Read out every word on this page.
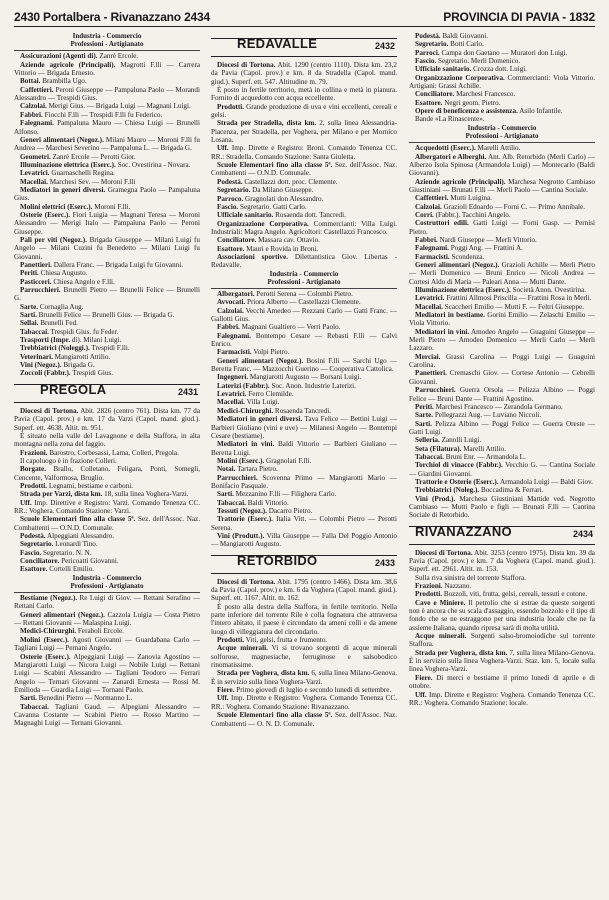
2430 Portalbera - Rivanazzano 2434	PROVINCIA DI PAVIA - 1832

Industria - Commercio

Professioni - Artigianato

Assicurazioni (Agenti di). Zanrè Ercole.

Aziende agricole (Principali). Magrotti F.lli — Carrera Vittorio — Brigada Ernesto.

Bottai. Brambilla Ugo.

Caffettieri. Peroni Giuseppe — Pampaluna Paolo — Morandi Alessandro — Trespidi Gius.

Calzolai. Merigi Gius. — Brigada Luigi — Magnani Luigi.

Fabbri. Fiocchi F.lli — Trespidi F.lli fu Federico.

Falegnami. Pampaluna Mauro — Chiesa Luigi — Brunelli Alfonso.

Generi alimentari (Negoz.). Milani Mauro — Moroni F.lli fu Andrea — Marchesi Severino — Pampaluna L. — Brigada G.

Geometri. Zanrè Ercole — Perotti Gior.

Illuminazione elettrica (Eserc.). Soc. Ovestirina - Novara.

Levatrici. Guarnaschelli Regina.

Macellai. Marchesi Sev. — Moroni F.lli

Mediatori in generi diversi. Gramegna Paolo — Pampaluna Gius.

Molini elettrici (Eserc.). Moroni F.lli.

Osterie (Eserc.). Fiori Luigia — Magnani Teresa — Moroni Alessandro — Merigi Italo — Pampaluna Paolo — Peroni Giuseppe.

Pali per viti (Negoz.). Brigada Giuseppe — Milani Luigi fu Angelo — Milani Cuzini fu Benedetto — Milani Luigi fu Giovanni.

Panettieri. Dallera Franc. — Brigada Luigi fu Giovanni.

Periti. Chiesa Augusto.

Pasticceri. Chiesa Angelo e F.lli.

Parrucchieri. Brunelli Pietro — Brunelli Felice — Brunelli G.

Sarte. Cornaglia Aug.

Sarti. Brunelli Felice — Brunelli Gius. — Brigada G.

Sellai. Brunelli Fed.

Tabaccai. Trespidi Gius. fu Feder.

Trasporti (Impr. di). Milani Luigi.

Trebbiatrici (Noleggi.). Trespidi F.lli.

Veterinari. Mangiarotti Attilio.

Vini (Negoz.). Brigada G.

Zoccoli (Fabbr.). Trespidi Gius.

PREGOLA	2431

Diocesi di Tortona. Abit. 2826 (centro 761). Dista km. 77 da Pavia (Capol. prov.) e km. 17 da Varzi (Capol. mand. giud.). Superf. ett. 4638. Altit. m. 951.

È situato nella valle del Lavagnone e della Staffora, in alta montagna nella zona del faggio.

Frazioni. Barostro, Corbesassi, Lama, Colleri, Pregola.

Il capoluogo è in frazione Colleri.

Borgate. Brallo, Colletano, Feligara, Ponti, Somegli, Cencente, Valformosa, Bruglio.

Prodotti. Legnami, bestiame e carboni.

Strada per Varzi, dista km. 18, sulla linea Voghera-Varzi.

Uff. Imp. Direttive e Registro: Varzi. Comando Tenenza CC. RR.: Voghera. Comando Stazione: Varzi.

Scuole Elementari fino alla classe 5ª. Sez. dell'Assoc. Naz. Combattenti — O.N.D. Comunale.

Podestà. Alpeggiani Alessandro.

Segretario. Leonardi Tino.

Fascio. Segretario. N. N.

Conciliatore. Pericoatti Giovanni.

Esattore. Cortelli Emilio.

Industria - Commercio

Professioni - Artigianato

Bestiame (Negoz.). Re Luigi di Giov. — Rettani Serafino — Rettani Carlo.

Generi alimentari (Negoz.). Cazzola Luigia — Costa Pietro — Rettani Giovanni — Malaspina Luigi.

Medici-Chirurghi. Feraboli Ercole.

Molini (Eserc.). Agosti Giovanni — Guardabana Carlo — Tagliani Luigi — Pernani Angelo.

Osterie (Eserc.). Alpeggiani Luigi — Zanovia Agostino — Mangiarotti Luigi — Nicora Luigi — Nobile Luigi — Rettani Luigi — Scabini Alessandro — Tagliani Teodoro — Ferrari Angelo — Ternari Giovanni — Zanardi Ernesta — Rossi M. Emilioda — Guardia Luigi — Tornani Paolo.

Sarti. Benedini Pietro — Normanno L.

Tabaccai. Tagliani Gaud. — Alpegiani Alessandro — Cavanna Costante — Scabini Pietro — Rosso Martino — Magnaghi Luigi — Ternani Giovanni.

REDAVALLE	2432

Diocesi di Tortona. Abit. 1290 (centro 1110). Dista km. 23,2 da Pavia (Capol. prov.) e km. 8 da Stradella (Capol. mand. giud.). Superf. ett. 547. Altitudine m. 79.

È posto in fertile territorio, metà in collina e metà in pianura. Fornito di acquedotto con acqua eccellente.

Prodotti. Grande produzione di uva e vini eccellenti, cereali e gelsi.

Strada per Stradella, dista km. 2, sulla linea Alessandria-Piacenza, per Stradella, per Voghera, per Milano e per Mornico Losana.

Uff. Imp. Dirette e Registro: Broni. Comando Tenenza CC. RR.: Stradella. Comando Stazione: Santa Giuletta.

Scuole Elementari fino alla classe 5ª. Sez. dell'Assoc. Naz. Combattenti — O.N.D. Comunale.

Podestà. Castellazzi dott. proc. Clemente.

Segretario. Da Milano Giuseppe.

Parroco. Gragnolati don Alessandro.

Fascio. Segretario. Gatti Carlo.

Ufficiale sanitario. Rosaenda dott. Tancredi.

Organizzazione Corporativa. Commercianti: Villa Luigi. Industriali: Magra Angelo. Agricoltori: Castellazzi Francesco.

Conciliatore. Massara cav. Ottavio.

Esattore. Mauri e Rovida in Broni.

Associazioni sportive. Dilettantistica Giov. Libertas - Redavalle.

Industria - Commercio

Professioni - Artigianato

Albergatori. Perotti Serena — Colombi Pietro.

Avvocati. Priora Alberto — Castellazzi Clemente.

Calzolai. Vecchi Amedeo — Rezzani Carlo — Gatti Franc. — Gallotti Gius.

Fabbri. Magnani Gualtiero — Verri Paolo.

Falegnami. Bontempo Cesare — Rebasti F.lli — Calvi Enrico.

Farmacisti. Volpi Pietro.

Generi alimentari (Negoz.). Bosini F.lli — Sarchi Ugo — Beretta Franc. — Mazzocchi Guerino — Cooperativa Cattolica.

Ingegneri. Mangiarotti Augusto — Borsani Luigi.

Laterizi (Fabbr.). Soc. Anon. Industrie Laterizi.

Levatrici. Ferro Clemilde.

Macellai. Villa Luigi.

Medici-Chirurghi. Rosaenda Tancredi.

Mediatori in generi diversi. Tava Felice — Bettini Luigi — Barbieri Giuliano (vini e uve) — Milanesi Angelo — Bontempi Cesare (bestiame).

Mediatori in vini. Baldi Vittorio — Barbieri Giuliano — Beretta Luigi.

Molini (Eserc.). Gragnolati F.lli.

Notai. Tartara Pietro.

Parrucchieri. Scovenna Primo — Mangiarotti Mario — Bonifacio Pasquale.

Sarti. Mezzanino F.lli — Filighera Carlo.

Tabaccai. Baldi Vittorio.

Tessuti (Negoz.). Dacarro Pietro.

Trattorie (Eserc.). Italia Vitt. — Colombi Pietro — Perotti Serena.

Vini (Produtt.). Villa Giuseppe — Falla Del Poggio Antonio — Mangiarotti Augusto.

RETORBIDO	2433

Diocesi di Tortona. Abit. 1795 (centro 1466). Dista km. 38,6 da Pavia (Capol. prov.) e km. 6 da Voghera (Capol. mand. giud.). Superf. ett. 1167. Altit. m. 162.

È posto alla destra della Staffora, in fertile territorio. Nella parte inferiore del torrente Rile è colla fognatura che attraversa l'intero abitato, il paese è circondato da ameni colli e da amene luogo di villeggiatura del circondario.

Prodotti. Viti, gelsi, frutta e frumento.

Acque minerali. Vi si trovano sorgenti di acque minerali solforose, magnesiache, ferruginose e salsobodico rinomatissime.

Strada per Voghera, dista km. 6, sulla linea Milano-Genova. È in servizio sulla linea Voghera-Varzi.

Fiere. Primo giovedì di luglio e secondo lunedì di settembre.

Uff. Imp. Dirette e Registro: Voghera. Comando Tenenza CC. RR.: Voghera. Comando Stazione: Rivanazzano.

Scuole Elementari fino alla classe 5ª. Sez. dell'Assoc. Naz. Combattenti — O. N. D. Comunale.

Podestà. Baldi Giovanni.

Segretario. Botti Carlo.

Parroci. Campa don Gaetano — Muratori don Luigi.

Fascio. Segretario. Merli Domenico.

Ufficiale sanitario. Crozza dott. Luigi.

Organizzazione Corporativa. Commercianti: Viola Vittorio. Artigiani: Grassi Achille.

Conciliatore. Marchesi Francesco.

Esattore. Negri geom. Pietro.

Opere di beneficenza e assistenza. Asilo Infantile.

Bande «La Rinascente».

Industria - Commercio

Professioni - Artigianato

Acquedotti (Eserc.). Marelli Attilio.

Albergatori e Alberghi. Ant. Alb. Retorbido (Merli Carlo) — Alberzo Isola Spinosa (Armandola Luigi) — Montecarlo (Baldi Giovanni).

Aziende agricole (Principali). Marchesa Negrotto Cambiaso Giustiniani — Brunati F.lli — Merli Paolo — Cantina Sociale.

Caffettieri. Mutti Luigina.

Calzolai. Grazioli Edoardo — Forni C. — Primo Annibale.

Corri. (Fabbr.). Tacchini Angelo.

Costruttori edili. Gatti Luigi — Forni Gasp. — Pernisi Pietro.

Fabbri. Nardi Giuseppe — Merli Vittorio.

Falegnami. Poggi Ang. — Frattini A.

Farmacisti. Scondenza.

Generi alimentari (Negoz.). Grazioli Achille — Merli Pietro — Merli Domenico — Bruni Enrico — Nicoli Andrea — Cortesi Aldo di Maria — Paleari Anna — Mutti Dante.

Illuminazione elettrica (Eserc.). Società Anon. Ovestirina.

Levatrici. Frattini Allmosi Priscilla — Frattini Rosa in Merli.

Macellai. Scaccheri Emilio — Mutti F. — Feltri Giuseppe.

Mediatori in bestiame. Gorini Emilio — Zelaschi Emilio — Viola Vittorio.

Mediatori in vini. Amodeo Angelo — Guaguini Giuseppe — Merli Pietro — Amodeo Domenico — Merli Carlo — Merli Lazzaro.

Merciai. Grassi Carolina — Poggi Luigi — Guaguini Carolina.

Panettieri. Cremaschi Giov. — Cortese Antonio — Cebrelli Giovanni.

Parrucchieri. Guerra Orsola — Pelizza Albino — Poggi Felice — Bruni Dante — Frattini Agostino.

Periti. Marchesi Francesco — Zerandola Germano.

Sarte. Pellegrazzi Aug. — Luviano Niccoli.

Sarti. Pelizza Albino — Poggi Felice — Guerra Oreste — Gatti Luigi.

Selleria. Zanolli Luigi.

Seta (Filatura). Marelli Attilio.

Tabaccai. Bruni Enr. — Armandola L.

Torchiol di vinacce (Fabbr.). Vecchio G. — Cantina Sociale — Giardini Giovanni.

Trattorie e Osterie (Eserc.). Armandola Luigi — Baldi Giov.

Trebbiatrici (Noleg.). Boccadima & Ferrari.

Vini (Prod.). Marchesa Giustiniani Mattide ved. Negrotto Cambiaso — Mutti Paolo e figli — Brunati F.lli — Cantina Sociale di Retorbido.

RIVANAZZANO	2434

Diocesi di Tortona. Abit. 3253 (centro 1975). Dista km. 39 da Pavia (Capol. prov.) e km. 7 da Voghera (Capol. mand. giud.). Superf. ett. 2961. Altit. m. 153.

Sulla riva sinistra del torrente Staffora.

Frazioni. Nazzano.

Prodotti. Bozzoli, viti, frutta, gelsi, cereali, tessuti e cotone.

Cave e Miniere. Il petrolio che si estrae da queste sorgenti non è ancora che su scala d'assaggio, essendo bozzolo e il tipo di fondo che se ne estraggono per una industria locale che ne fa assieme Italiana, quando ripresa sarà di molta utilità.

Acque minerali. Sorgenti salso-bromoiodiche sul torrente Staffora.

Strada per Voghera, dista km. 7, sulla linea Milano-Genova. È in servizio sulla linea Voghera-Varzi. Staz. km. 5, locale sulla linea Voghera-Varzi.

Fiere. Di merci e bestiame il primo lunedì di aprile e di ottobre.

Uff. Imp. Dirette e Registro: Voghera. Comando Tenenza CC. RR.: Voghera. Comando Stazione: locale.
